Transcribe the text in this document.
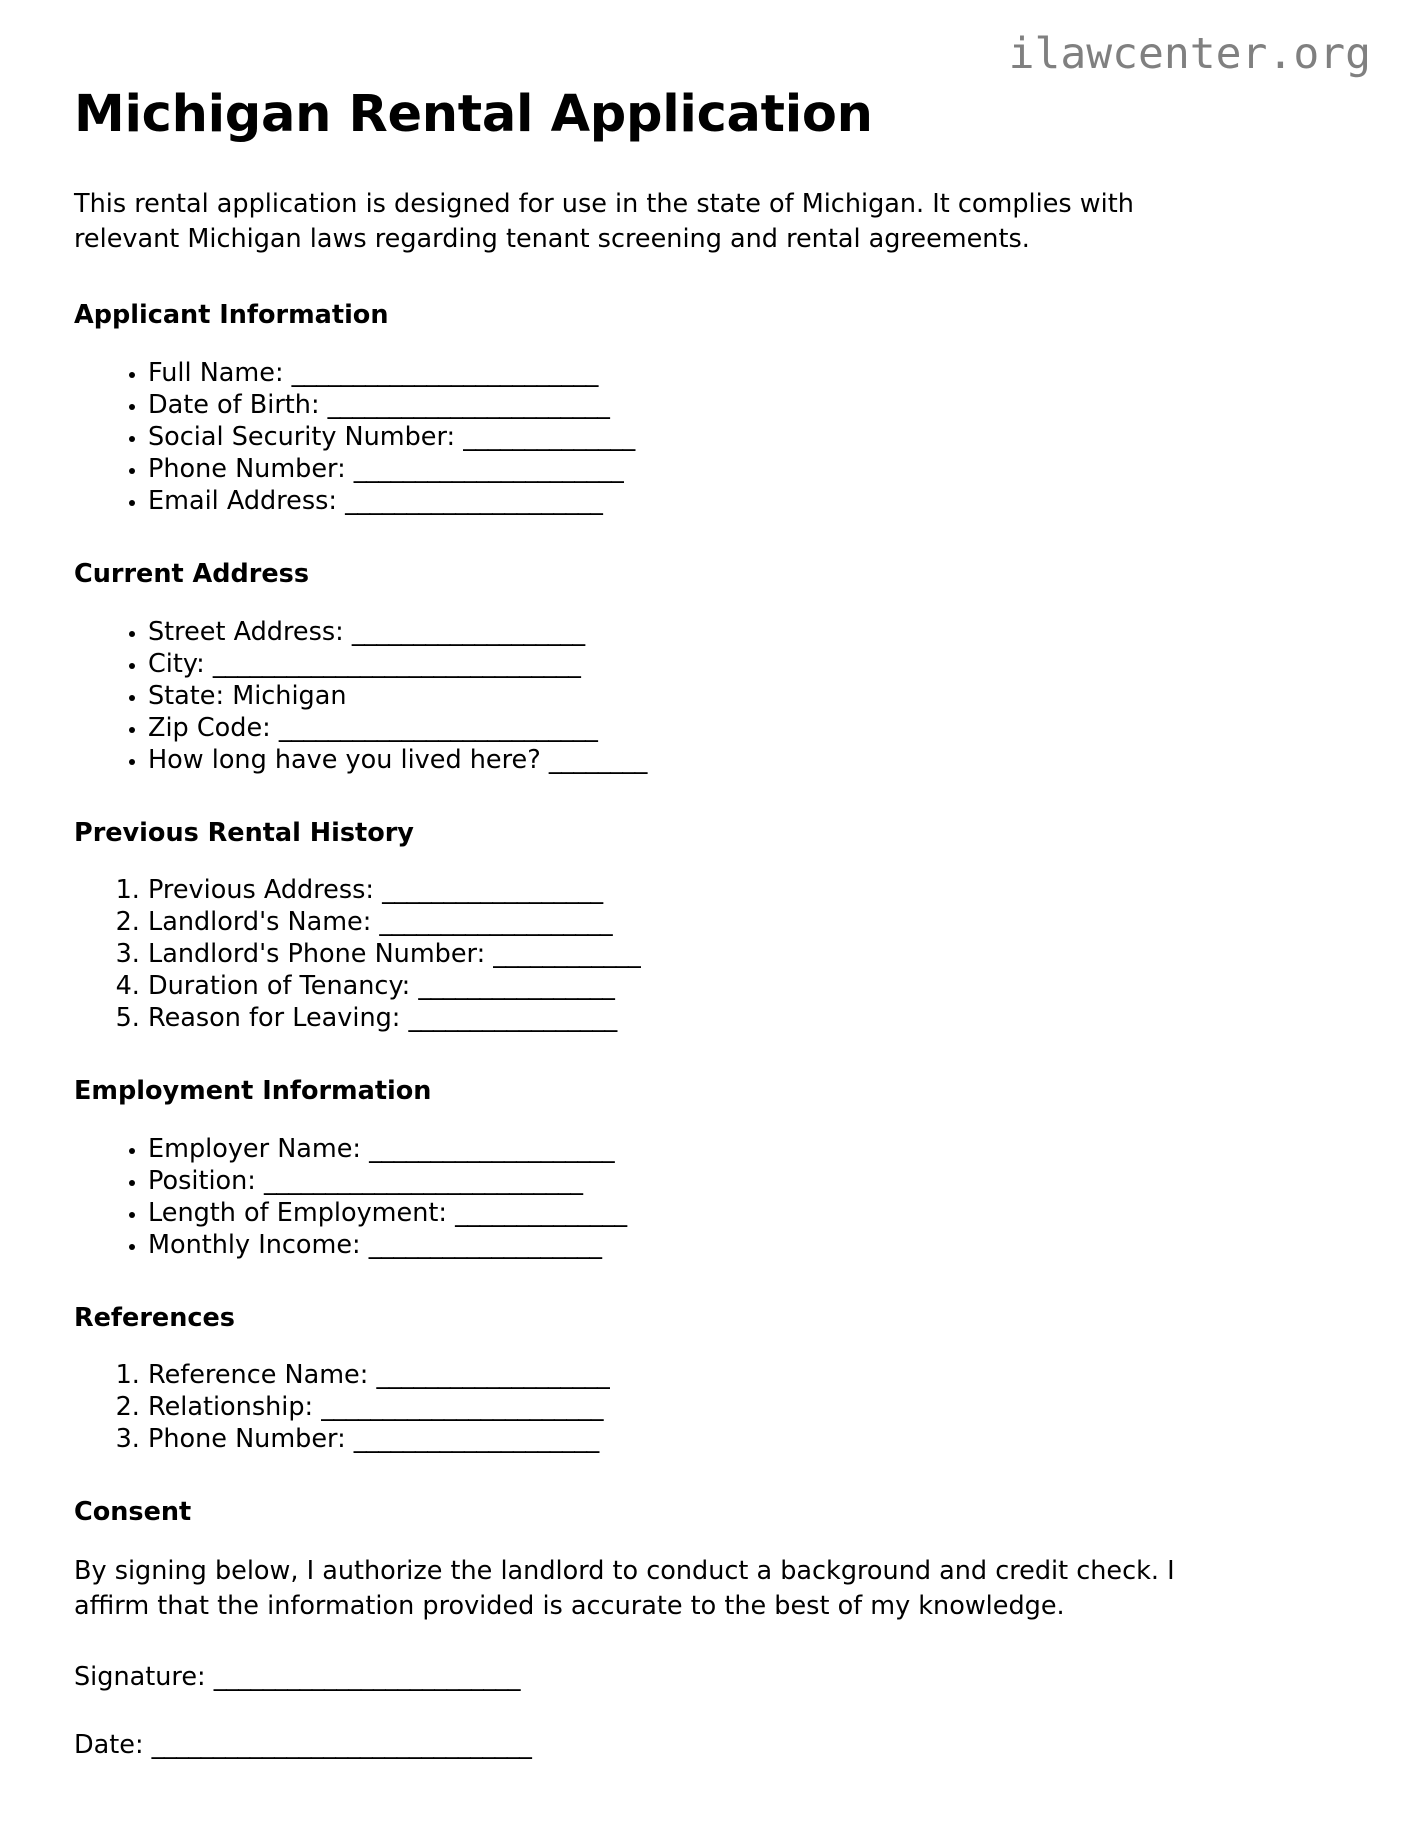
ilawcenter.org
Michigan Rental Application

This rental application is designed for use in the state of Michigan. It complies with relevant Michigan laws regarding tenant screening and rental agreements.

Applicant Information
• Full Name: _________________________
• Date of Birth: _______________________
• Social Security Number: ______________
• Phone Number: ______________________
• Email Address: _____________________
Current Address
• Street Address: ___________________
• City: ______________________________
• State: Michigan
• Zip Code: __________________________
• How long have you lived here? ________
Previous Rental History
1. Previous Address: __________________
2. Landlord's Name: ___________________
3. Landlord's Phone Number: ____________
4. Duration of Tenancy: ________________
5. Reason for Leaving: _________________
Employment Information
• Employer Name: ____________________
• Position: __________________________
• Length of Employment: ______________
• Monthly Income: ___________________
References
1. Reference Name: ___________________
2. Relationship: _______________________
3. Phone Number: ____________________
Consent

By signing below, I authorize the landlord to conduct a background and credit check. I affirm that the information provided is accurate to the best of my knowledge.

Signature: _________________________

Date: _______________________________
